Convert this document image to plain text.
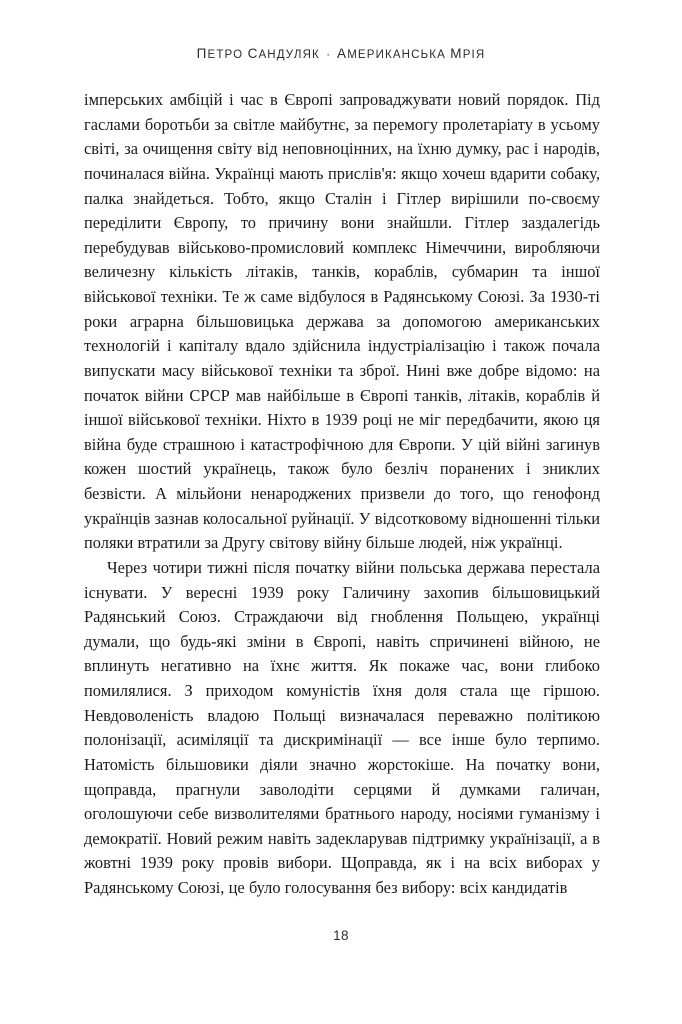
ПЕТРО САНДУЛЯК · АМЕРИКАНСЬКА МРІЯ

імперських амбіцій і час в Європі запроваджувати новий порядок. Під гаслами боротьби за світле майбутнє, за перемогу пролетаріату в усьому світі, за очищення світу від неповноцінних, на їхню думку, рас і народів, починалася війна. Українці мають прислів'я: якщо хочеш вдарити собаку, палка знайдеться. Тобто, якщо Сталін і Гітлер вирішили по-своєму переділити Європу, то причину вони знайшли. Гітлер заздалегідь перебудував військово-промисловий комплекс Німеччини, виробляючи величезну кількість літаків, танків, кораблів, субмарин та іншої військової техніки. Те ж саме відбулося в Радянському Союзі. За 1930-ті роки аграрна більшовицька держава за допомогою американських технологій і капіталу вдало здійснила індустріалізацію і також почала випускати масу військової техніки та зброї. Нині вже добре відомо: на початок війни СРСР мав найбільше в Європі танків, літаків, кораблів й іншої військової техніки. Ніхто в 1939 році не міг передбачити, якою ця війна буде страшною і катастрофічною для Європи. У цій війні загинув кожен шостий українець, також було безліч поранених і зниклих безвісти. А мільйони ненароджених призвели до того, що генофонд українців зазнав колосальної руйнації. У відсотковому відношенні тільки поляки втратили за Другу світову війну більше людей, ніж українці.

Через чотири тижні після початку війни польська держава перестала існувати. У вересні 1939 року Галичину захопив більшовицький Радянський Союз. Страждаючи від гноблення Польщею, українці думали, що будь-які зміни в Європі, навіть спричинені війною, не вплинуть негативно на їхнє життя. Як покаже час, вони глибоко помилялися. З приходом комуністів їхня доля стала ще гіршою. Невдоволеність владою Польщі визначалася переважно політикою полонізації, асиміляції та дискримінації — все інше було терпимо. Натомість більшовики діяли значно жорстокіше. На початку вони, щоправда, прагнули заволодіти серцями й думками галичан, оголошуючи себе визволителями братнього народу, носіями гуманізму і демократії. Новий режим навіть задекларував підтримку українізації, а в жовтні 1939 року провів вибори. Щоправда, як і на всіх виборах у Радянському Союзі, це було голосування без вибору: всіх кандидатів

18
